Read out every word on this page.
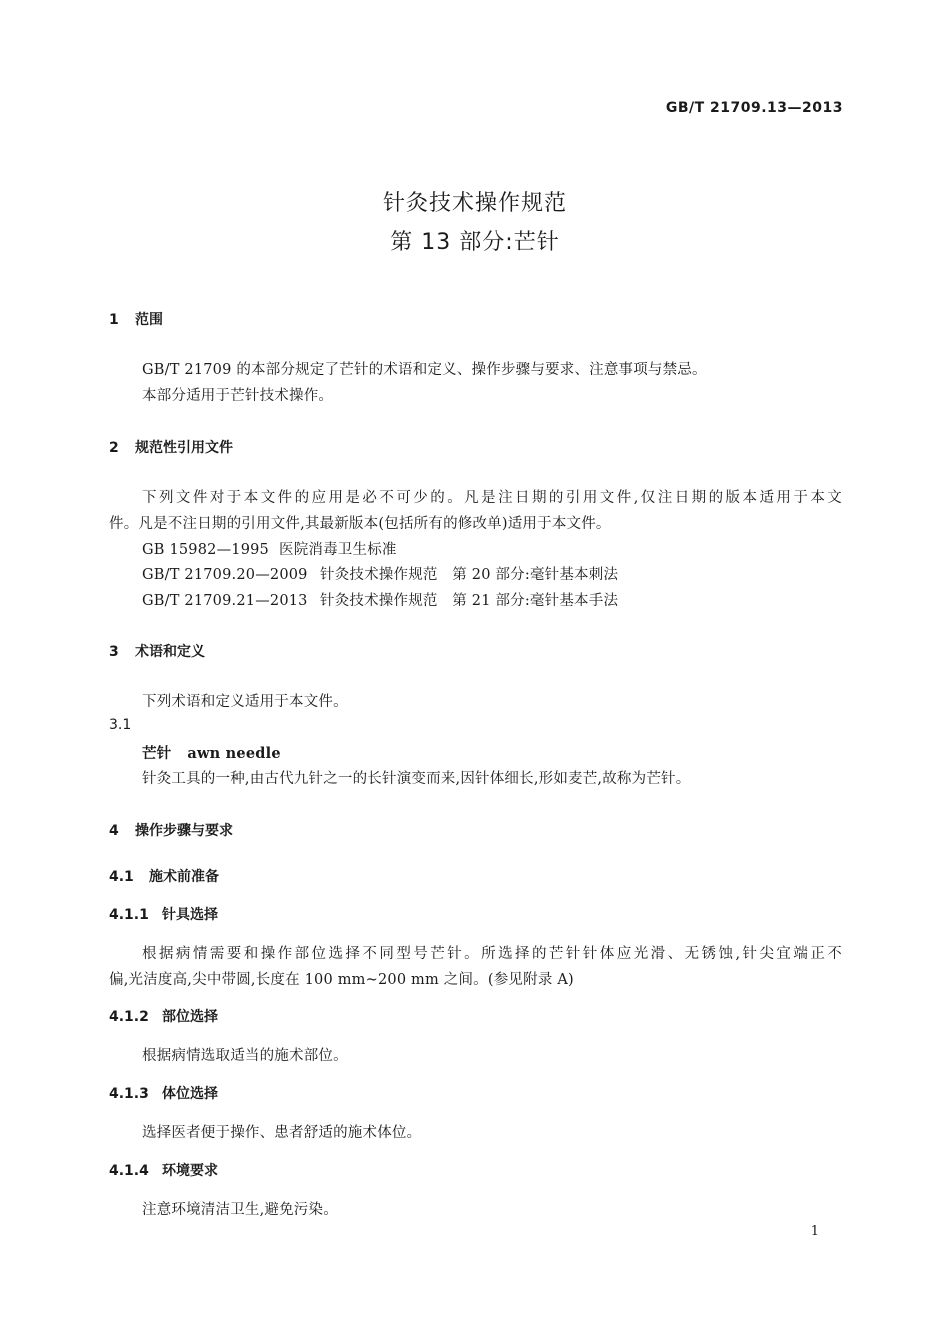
GB/T 21709.13—2013
针灸技术操作规范
第 13 部分:芒针
1 范围
GB/T 21709 的本部分规定了芒针的术语和定义、操作步骤与要求、注意事项与禁忌。
本部分适用于芒针技术操作。
2 规范性引用文件
下列文件对于本文件的应用是必不可少的。凡是注日期的引用文件,仅注日期的版本适用于本文
件。凡是不注日期的引用文件,其最新版本(包括所有的修改单)适用于本文件。
GB 15982—1995 医院消毒卫生标准
GB/T 21709.20—2009 针灸技术操作规范　第 20 部分:毫针基本刺法
GB/T 21709.21—2013 针灸技术操作规范　第 21 部分:毫针基本手法
3 术语和定义
下列术语和定义适用于本文件。
3.1
芒针 awn needle
针灸工具的一种,由古代九针之一的长针演变而来,因针体细长,形如麦芒,故称为芒针。
4 操作步骤与要求
4.1 施术前准备
4.1.1 针具选择
根据病情需要和操作部位选择不同型号芒针。所选择的芒针针体应光滑、无锈蚀,针尖宜端正不
偏,光洁度高,尖中带圆,长度在 100 mm~200 mm 之间。(参见附录 A)
4.1.2 部位选择
根据病情选取适当的施术部位。
4.1.3 体位选择
选择医者便于操作、患者舒适的施术体位。
4.1.4 环境要求
注意环境清洁卫生,避免污染。
1
